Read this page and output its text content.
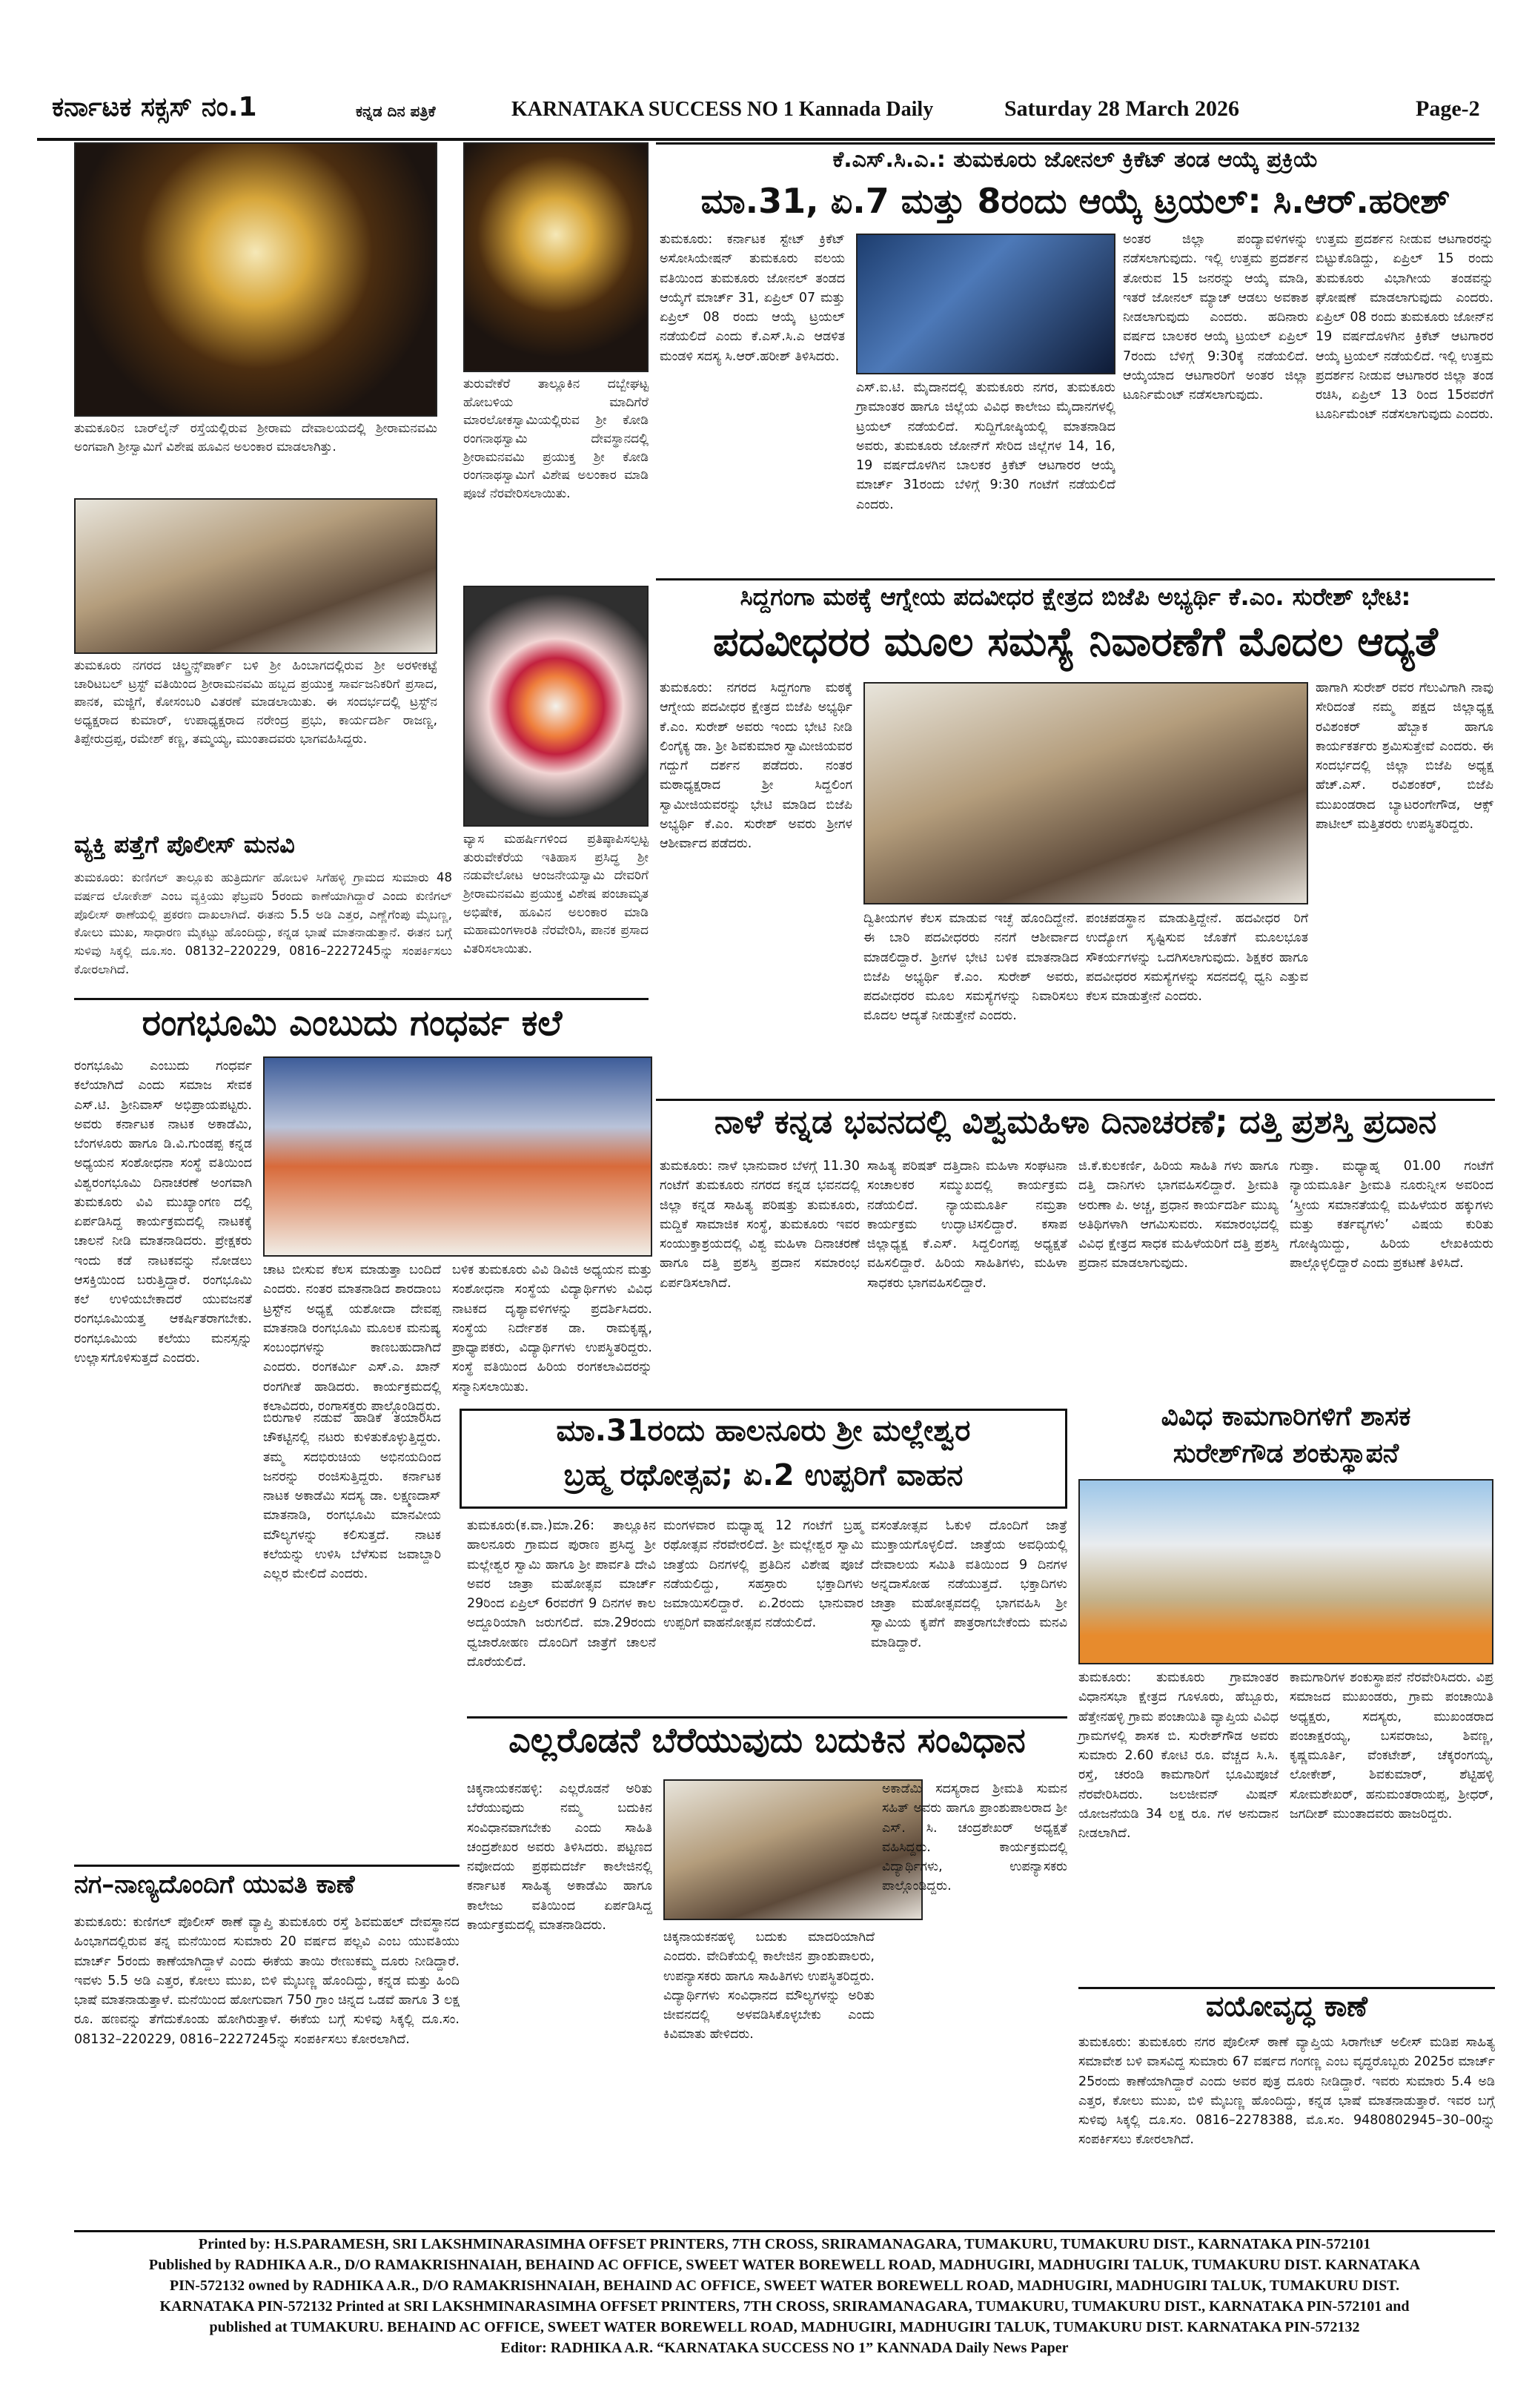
ಕರ್ನಾಟಕ ಸಕ್ಸಸ್ ನಂ.1	ಕನ್ನಡ ದಿನ ಪತ್ರಿಕೆ	KARNATAKA SUCCESS NO 1 Kannada Daily	Saturday 28 March 2026	Page-2
ತುಮಕೂರಿನ ಬಾರ್‌ಲೈನ್ ರಸ್ತೆಯಲ್ಲಿರುವ ಶ್ರೀರಾಮ ದೇವಾಲಯದಲ್ಲಿ ಶ್ರೀರಾಮನವಮಿ ಅಂಗವಾಗಿ ಶ್ರೀಸ್ವಾಮಿಗೆ ವಿಶೇಷ ಹೂವಿನ ಅಲಂಕಾರ ಮಾಡಲಾಗಿತ್ತು.
ತುಮಕೂರು ನಗರದ ಚಿಲ್ಡ್ರನ್ಸ್‌ಪಾರ್ಕ್ ಬಳಿ ಶ್ರೀ ಹಿಂಬಾಗದಲ್ಲಿರುವ ಶ್ರೀ ಅರಳೀಕಟ್ಟೆ ಚಾರಿಟಬಲ್ ಟ್ರಸ್ಟ್ ವತಿಯಿಂದ ಶ್ರೀರಾಮನವಮಿ ಹಬ್ಬದ ಪ್ರಯುಕ್ತ ಸಾರ್ವಜನಿಕರಿಗೆ ಪ್ರಸಾದ, ಪಾನಕ, ಮಜ್ಜಿಗೆ, ಕೋಸಂಬರಿ ವಿತರಣೆ ಮಾಡಲಾಯಿತು. ಈ ಸಂದರ್ಭದಲ್ಲಿ ಟ್ರಸ್ಟ್‌ನ ಅಧ್ಯಕ್ಷರಾದ ಕುಮಾರ್, ಉಪಾಧ್ಯಕ್ಷರಾದ ನರೇಂದ್ರ ಪ್ರಭು, ಕಾರ್ಯದರ್ಶಿ ರಾಜಣ್ಣ, ತಿಪ್ಪೇರುದ್ರಪ್ಪ, ರಮೇಶ್ ಕಣ್ಣ, ತಮ್ಮಯ್ಯ, ಮುಂತಾದವರು ಭಾಗವಹಿಸಿದ್ದರು.
ತುರುವೇಕೆರೆ ತಾಲ್ಲೂಕಿನ ದಬ್ಬೇಘಟ್ಟ ಹೋಬಳಿಯ ಮಾದಿಗೆರೆ ಮಾರಲೋಕಸ್ವಾಮಿಯಲ್ಲಿರುವ ಶ್ರೀ ಕೋಡಿ ರಂಗನಾಥಸ್ವಾಮಿ ದೇವಸ್ಥಾನದಲ್ಲಿ ಶ್ರೀರಾಮನವಮಿ ಪ್ರಯುಕ್ತ ಶ್ರೀ ಕೋಡಿ ರಂಗನಾಥಸ್ವಾಮಿಗೆ ವಿಶೇಷ ಅಲಂಕಾರ ಮಾಡಿ ಪೂಜೆ ನೆರವೇರಿಸಲಾಯಿತು.
ವ್ಯಾಸ ಮಹರ್ಷಿಗಳಿಂದ ಪ್ರತಿಷ್ಠಾಪಿಸಲ್ಪಟ್ಟ ತುರುವೇಕೆರೆಯ ಇತಿಹಾಸ ಪ್ರಸಿದ್ಧ ಶ್ರೀ ನಡುವೇಲೋಟ ಆಂಜನೇಯಸ್ವಾಮಿ ದೇವರಿಗೆ ಶ್ರೀರಾಮನವಮಿ ಪ್ರಯುಕ್ತ ವಿಶೇಷ ಪಂಚಾಮೃತ ಅಭಿಷೇಕ, ಹೂವಿನ ಅಲಂಕಾರ ಮಾಡಿ ಮಹಾಮಂಗಳಾರತಿ ನೆರವೇರಿಸಿ, ಪಾನಕ ಪ್ರಸಾದ ವಿತರಿಸಲಾಯಿತು.
ವ್ಯಕ್ತಿ ಪತ್ತೆಗೆ ಪೊಲೀಸ್ ಮನವಿ
ತುಮಕೂರು: ಕುಣಿಗಲ್ ತಾಲ್ಲೂಕು ಹುತ್ರಿದುರ್ಗ ಹೋಬಳಿ ಸಿಗೆಹಳ್ಳಿ ಗ್ರಾಮದ ಸುಮಾರು 48 ವರ್ಷದ ಲೋಕೇಶ್ ಎಂಬ ವ್ಯಕ್ತಿಯು ಫೆಬ್ರವರಿ 5ರಂದು ಕಾಣೆಯಾಗಿದ್ದಾರೆ ಎಂದು ಕುಣಿಗಲ್ ಪೊಲೀಸ್ ಠಾಣೆಯಲ್ಲಿ ಪ್ರಕರಣ ದಾಖಲಾಗಿದೆ. ಈತನು 5.5 ಅಡಿ ಎತ್ತರ, ಎಣ್ಣೆಗೆಂಪು ಮೈಬಣ್ಣ, ಕೋಲು ಮುಖ, ಸಾಧಾರಣ ಮೈಕಟ್ಟು ಹೊಂದಿದ್ದು, ಕನ್ನಡ ಭಾಷೆ ಮಾತನಾಡುತ್ತಾನೆ. ಈತನ ಬಗ್ಗೆ ಸುಳಿವು ಸಿಕ್ಕಲ್ಲಿ ದೂ.ಸಂ. 08132–220229, 0816–2227245ನ್ನು ಸಂಪರ್ಕಿಸಲು ಕೋರಲಾಗಿದೆ.
ರಂಗಭೂಮಿ ಎಂಬುದು ಗಂಧರ್ವ ಕಲೆ
ರಂಗಭೂಮಿ ಎಂಬುದು ಗಂಧರ್ವ ಕಲೆಯಾಗಿದೆ ಎಂದು ಸಮಾಜ ಸೇವಕ ಎಸ್.ಟಿ. ಶ್ರೀನಿವಾಸ್ ಅಭಿಪ್ರಾಯಪಟ್ಟರು. ಅವರು ಕರ್ನಾಟಕ ನಾಟಕ ಅಕಾಡೆಮಿ, ಬೆಂಗಳೂರು ಹಾಗೂ ಡಿ.ವಿ.ಗುಂಡಪ್ಪ ಕನ್ನಡ ಅಧ್ಯಯನ ಸಂಶೋಧನಾ ಸಂಸ್ಥೆ ವತಿಯಿಂದ ವಿಶ್ವರಂಗಭೂಮಿ ದಿನಾಚರಣೆ ಅಂಗವಾಗಿ ತುಮಕೂರು ವಿವಿ ಮುಖ್ಯಾಂಗಣ ದಲ್ಲಿ ಏರ್ಪಡಿಸಿದ್ದ ಕಾರ್ಯಕ್ರಮದಲ್ಲಿ ನಾಟಕಕ್ಕೆ ಚಾಲನೆ ನೀಡಿ ಮಾತನಾಡಿದರು. ಪ್ರೇಕ್ಷಕರು ಇಂದು ಕಡೆ ನಾಟಕವನ್ನು ನೋಡಲು ಆಸಕ್ತಿಯಿಂದ ಬರುತ್ತಿದ್ದಾರೆ. ರಂಗಭೂಮಿ ಕಲೆ ಉಳಿಯಬೇಕಾದರೆ ಯುವಜನತೆ ರಂಗಭೂಮಿಯತ್ತ ಆಕರ್ಷಿತರಾಗಬೇಕು. ರಂಗಭೂಮಿಯ ಕಲೆಯು ಮನಸ್ಸನ್ನು ಉಲ್ಲಾಸಗೊಳಿಸುತ್ತದೆ ಎಂದರು.
ಬಿರುಗಾಳಿ ನಡುವೆ ಹಾಡಿಕೆ ತಯಾರಿಸಿದ ಚೌಕಟ್ಟಿನಲ್ಲಿ ನಟರು ಕುಳಿತುಕೊಳ್ಳುತ್ತಿದ್ದರು. ತಮ್ಮ ಸದಭಿರುಚಿಯ ಅಭಿನಯದಿಂದ ಜನರನ್ನು ರಂಜಿಸುತ್ತಿದ್ದರು. ಕರ್ನಾಟಕ ನಾಟಕ ಅಕಾಡೆಮಿ ಸದಸ್ಯ ಡಾ. ಲಕ್ಷ್ಮಣದಾಸ್ ಮಾತನಾಡಿ, ರಂಗಭೂಮಿ ಮಾನವೀಯ ಮೌಲ್ಯಗಳನ್ನು ಕಲಿಸುತ್ತದೆ. ನಾಟಕ ಕಲೆಯನ್ನು ಉಳಿಸಿ ಬೆಳೆಸುವ ಜವಾಬ್ದಾರಿ ಎಲ್ಲರ ಮೇಲಿದೆ ಎಂದರು.
ಚಾಟ ಬೀಸುವ ಕೆಲಸ ಮಾಡುತ್ತಾ ಬಂದಿದೆ ಎಂದರು. ನಂತರ ಮಾತನಾಡಿದ ಶಾರದಾಂಬ ಟ್ರಸ್ಟ್‌ನ ಅಧ್ಯಕ್ಷೆ ಯಶೋದಾ ದೇವಪ್ಪ ಮಾತನಾಡಿ ರಂಗಭೂಮಿ ಮೂಲಕ ಮನುಷ್ಯ ಸಂಬಂಧಗಳನ್ನು ಕಾಣಬಹುದಾಗಿದೆ ಎಂದರು. ರಂಗಕರ್ಮಿ ಎಸ್.ಎ. ಖಾನ್ ರಂಗಗೀತೆ ಹಾಡಿದರು. ಕಾರ್ಯಕ್ರಮದಲ್ಲಿ ಕಲಾವಿದರು, ರಂಗಾಸಕ್ತರು ಪಾಲ್ಗೊಂಡಿದ್ದರು.
ಬಳಿಕ ತುಮಕೂರು ವಿವಿ ಡಿವಿಜಿ ಅಧ್ಯಯನ ಮತ್ತು ಸಂಶೋಧನಾ ಸಂಸ್ಥೆಯ ವಿದ್ಯಾರ್ಥಿಗಳು ವಿವಿಧ ನಾಟಕದ ದೃಶ್ಯಾವಳಿಗಳನ್ನು ಪ್ರದರ್ಶಿಸಿದರು. ಸಂಸ್ಥೆಯ ನಿರ್ದೇಶಕ ಡಾ. ರಾಮಕೃಷ್ಣ, ಪ್ರಾಧ್ಯಾಪಕರು, ವಿದ್ಯಾರ್ಥಿಗಳು ಉಪಸ್ಥಿತರಿದ್ದರು. ಸಂಸ್ಥೆ ವತಿಯಿಂದ ಹಿರಿಯ ರಂಗಕಲಾವಿದರನ್ನು ಸನ್ಮಾನಿಸಲಾಯಿತು.
ನಗ–ನಾಣ್ಯದೊಂದಿಗೆ ಯುವತಿ ಕಾಣೆ
ತುಮಕೂರು: ಕುಣಿಗಲ್ ಪೊಲೀಸ್ ಠಾಣೆ ವ್ಯಾಪ್ತಿ ತುಮಕೂರು ರಸ್ತೆ ಶಿವಮಹಲ್ ದೇವಸ್ಥಾನದ ಹಿಂಭಾಗದಲ್ಲಿರುವ ತನ್ನ ಮನೆಯಿಂದ ಸುಮಾರು 20 ವರ್ಷದ ಪಲ್ಲವಿ ಎಂಬ ಯುವತಿಯು ಮಾರ್ಚ್ 5ರಂದು ಕಾಣೆಯಾಗಿದ್ದಾಳೆ ಎಂದು ಈಕೆಯ ತಾಯಿ ರೇಣುಕಮ್ಮ ದೂರು ನೀಡಿದ್ದಾರೆ. ಇವಳು 5.5 ಅಡಿ ಎತ್ತರ, ಕೋಲು ಮುಖ, ಬಿಳಿ ಮೈಬಣ್ಣ ಹೊಂದಿದ್ದು, ಕನ್ನಡ ಮತ್ತು ಹಿಂದಿ ಭಾಷೆ ಮಾತನಾಡುತ್ತಾಳೆ. ಮನೆಯಿಂದ ಹೋಗುವಾಗ 750 ಗ್ರಾಂ ಚಿನ್ನದ ಒಡವೆ ಹಾಗೂ 3 ಲಕ್ಷ ರೂ. ಹಣವನ್ನು ತೆಗೆದುಕೊಂಡು ಹೋಗಿರುತ್ತಾಳೆ. ಈಕೆಯ ಬಗ್ಗೆ ಸುಳಿವು ಸಿಕ್ಕಲ್ಲಿ ದೂ.ಸಂ. 08132–220229, 0816–2227245ನ್ನು ಸಂಪರ್ಕಿಸಲು ಕೋರಲಾಗಿದೆ.
ಕೆ.ಎಸ್.ಸಿ.ಎ.: ತುಮಕೂರು ಜೋನಲ್ ಕ್ರಿಕೆಟ್ ತಂಡ ಆಯ್ಕೆ ಪ್ರಕ್ರಿಯೆ
ಮಾ.31, ಏ.7 ಮತ್ತು 8ರಂದು ಆಯ್ಕೆ ಟ್ರಯಲ್: ಸಿ.ಆರ್.ಹರೀಶ್
ತುಮಕೂರು: ಕರ್ನಾಟಕ ಸ್ಟೇಟ್ ಕ್ರಿಕೆಟ್ ಅಸೋಸಿಯೇಷನ್ ತುಮಕೂರು ವಲಯ ವತಿಯಿಂದ ತುಮಕೂರು ಜೋನಲ್ ತಂಡದ ಆಯ್ಕೆಗೆ ಮಾರ್ಚ್ 31, ಏಪ್ರಿಲ್ 07 ಮತ್ತು ಏಪ್ರಿಲ್ 08 ರಂದು ಆಯ್ಕೆ ಟ್ರಯಲ್ ನಡೆಯಲಿದೆ ಎಂದು ಕೆ.ಎಸ್.ಸಿ.ಎ ಆಡಳಿತ ಮಂಡಳಿ ಸದಸ್ಯ ಸಿ.ಆರ್.ಹರೀಶ್ ತಿಳಿಸಿದರು.
ಎಸ್.ಐ.ಟಿ. ಮೈದಾನದಲ್ಲಿ ತುಮಕೂರು ನಗರ, ತುಮಕೂರು ಗ್ರಾಮಾಂತರ ಹಾಗೂ ಜಿಲ್ಲೆಯ ವಿವಿಧ ಕಾಲೇಜು ಮೈದಾನಗಳಲ್ಲಿ ಟ್ರಯಲ್ ನಡೆಯಲಿದೆ. ಸುದ್ದಿಗೋಷ್ಠಿಯಲ್ಲಿ ಮಾತನಾಡಿದ ಅವರು, ತುಮಕೂರು ಜೋನ್‌ಗೆ ಸೇರಿದ ಜಿಲ್ಲೆಗಳ 14, 16, 19 ವರ್ಷದೊಳಗಿನ ಬಾಲಕರ ಕ್ರಿಕೆಟ್ ಆಟಗಾರರ ಆಯ್ಕೆ ಮಾರ್ಚ್ 31ರಂದು ಬೆಳಿಗ್ಗೆ 9:30 ಗಂಟೆಗೆ ನಡೆಯಲಿದೆ ಎಂದರು.
ಅಂತರ ಜಿಲ್ಲಾ ಪಂದ್ಯಾವಳಿಗಳನ್ನು ನಡೆಸಲಾಗುವುದು. ಇಲ್ಲಿ ಉತ್ತಮ ಪ್ರದರ್ಶನ ತೋರುವ 15 ಜನರನ್ನು ಆಯ್ಕೆ ಮಾಡಿ, ಇತರೆ ಜೋನಲ್ ಮ್ಯಾಚ್ ಆಡಲು ಅವಕಾಶ ನೀಡಲಾಗುವುದು ಎಂದರು. ಹದಿನಾರು ವರ್ಷದ ಬಾಲಕರ ಆಯ್ಕೆ ಟ್ರಯಲ್ ಏಪ್ರಿಲ್ 7ರಂದು ಬೆಳಿಗ್ಗೆ 9:30ಕ್ಕೆ ನಡೆಯಲಿದೆ. ಆಯ್ಕೆಯಾದ ಆಟಗಾರರಿಗೆ ಅಂತರ ಜಿಲ್ಲಾ ಟೂರ್ನಿಮೆಂಟ್ ನಡೆಸಲಾಗುವುದು.
ಉತ್ತಮ ಪ್ರದರ್ಶನ ನೀಡುವ ಆಟಗಾರರನ್ನು ಬಿಟ್ಟುಕೊಡಿದ್ದು, ಏಪ್ರಿಲ್ 15 ರಂದು ತುಮಕೂರು ವಿಭಾಗೀಯ ತಂಡವನ್ನು ಘೋಷಣೆ ಮಾಡಲಾಗುವುದು ಎಂದರು. ಏಪ್ರಿಲ್ 08 ರಂದು ತುಮಕೂರು ಜೋನ್‌ನ 19 ವರ್ಷದೊಳಗಿನ ಕ್ರಿಕೆಟ್ ಆಟಗಾರರ ಆಯ್ಕೆ ಟ್ರಯಲ್ ನಡೆಯಲಿದೆ. ಇಲ್ಲಿ ಉತ್ತಮ ಪ್ರದರ್ಶನ ನೀಡುವ ಆಟಗಾರರ ಜಿಲ್ಲಾ ತಂಡ ರಚಿಸಿ, ಏಪ್ರಿಲ್ 13 ರಿಂದ 15ರವರೆಗೆ ಟೂರ್ನಿಮೆಂಟ್ ನಡೆಸಲಾಗುವುದು ಎಂದರು.
ಸಿದ್ದಗಂಗಾ ಮಠಕ್ಕೆ ಆಗ್ನೇಯ ಪದವೀಧರ ಕ್ಷೇತ್ರದ ಬಿಜೆಪಿ ಅಭ್ಯರ್ಥಿ ಕೆ.ಎಂ. ಸುರೇಶ್ ಭೇಟಿ:
ಪದವೀಧರರ ಮೂಲ ಸಮಸ್ಯೆ ನಿವಾರಣೆಗೆ ಮೊದಲ ಆದ್ಯತೆ
ತುಮಕೂರು: ನಗರದ ಸಿದ್ದಗಂಗಾ ಮಠಕ್ಕೆ ಆಗ್ನೇಯ ಪದವೀಧರ ಕ್ಷೇತ್ರದ ಬಿಜೆಪಿ ಅಭ್ಯರ್ಥಿ ಕೆ.ಎಂ. ಸುರೇಶ್ ಅವರು ಇಂದು ಭೇಟಿ ನೀಡಿ ಲಿಂಗೈಕ್ಯ ಡಾ. ಶ್ರೀ ಶಿವಕುಮಾರ ಸ್ವಾಮೀಜಿಯವರ ಗದ್ದುಗೆ ದರ್ಶನ ಪಡೆದರು. ನಂತರ ಮಠಾಧ್ಯಕ್ಷರಾದ ಶ್ರೀ ಸಿದ್ದಲಿಂಗ ಸ್ವಾಮೀಜಿಯವರನ್ನು ಭೇಟಿ ಮಾಡಿದ ಬಿಜೆಪಿ ಅಭ್ಯರ್ಥಿ ಕೆ.ಎಂ. ಸುರೇಶ್ ಅವರು ಶ್ರೀಗಳ ಆಶೀರ್ವಾದ ಪಡೆದರು.
ದ್ವಿತೀಯಗಳ ಕೆಲಸ ಮಾಡುವ ಇಚ್ಛೆ ಹೊಂದಿದ್ದೇನೆ. ಈ ಬಾರಿ ಪದವೀಧರರು ನನಗೆ ಆಶೀರ್ವಾದ ಮಾಡಲಿದ್ದಾರೆ. ಶ್ರೀಗಳ ಭೇಟಿ ಬಳಿಕ ಮಾತನಾಡಿದ ಬಿಜೆಪಿ ಅಭ್ಯರ್ಥಿ ಕೆ.ಎಂ. ಸುರೇಶ್ ಅವರು, ಪದವೀಧರರ ಮೂಲ ಸಮಸ್ಯೆಗಳನ್ನು ನಿವಾರಿಸಲು ಮೊದಲ ಆದ್ಯತೆ ನೀಡುತ್ತೇನೆ ಎಂದರು.
ಪಂಚಪಡಸ್ಥಾನ ಮಾಡುತ್ತಿದ್ದೇನೆ. ಹದವೀಧರ ರಿಗೆ ಉದ್ಯೋಗ ಸೃಷ್ಟಿಸುವ ಜೊತೆಗೆ ಮೂಲಭೂತ ಸೌಕರ್ಯಗಳನ್ನು ಒದಗಿಸಲಾಗುವುದು. ಶಿಕ್ಷಕರ ಹಾಗೂ ಪದವೀಧರರ ಸಮಸ್ಯೆಗಳನ್ನು ಸದನದಲ್ಲಿ ಧ್ವನಿ ಎತ್ತುವ ಕೆಲಸ ಮಾಡುತ್ತೇನೆ ಎಂದರು.
ಹಾಗಾಗಿ ಸುರೇಶ್ ರವರ ಗೆಲುವಿಗಾಗಿ ನಾವು ಸೇರಿದಂತೆ ನಮ್ಮ ಪಕ್ಷದ ಜಿಲ್ಲಾಧ್ಯಕ್ಷ ರವಿಶಂಕರ್ ಹೆಬ್ಬಾಕ ಹಾಗೂ ಕಾರ್ಯಕರ್ತರು ಶ್ರಮಿಸುತ್ತೇವೆ ಎಂದರು. ಈ ಸಂದರ್ಭದಲ್ಲಿ ಜಿಲ್ಲಾ ಬಿಜೆಪಿ ಅಧ್ಯಕ್ಷ ಹೆಚ್.ಎಸ್. ರವಿಶಂಕರ್, ಬಿಜೆಪಿ ಮುಖಂಡರಾದ ಬ್ಯಾಟರಂಗೇಗೌಡ, ಆಕ್ಸ್ ಪಾಟೀಲ್ ಮತ್ತಿತರರು ಉಪಸ್ಥಿತರಿದ್ದರು.
ನಾಳೆ ಕನ್ನಡ ಭವನದಲ್ಲಿ ವಿಶ್ವಮಹಿಳಾ ದಿನಾಚರಣೆ; ದತ್ತಿ ಪ್ರಶಸ್ತಿ ಪ್ರದಾನ
ತುಮಕೂರು: ನಾಳೆ ಭಾನುವಾರ ಬೆಳಗ್ಗೆ 11.30 ಗಂಟೆಗೆ ತುಮಕೂರು ನಗರದ ಕನ್ನಡ ಭವನದಲ್ಲಿ ಜಿಲ್ಲಾ ಕನ್ನಡ ಸಾಹಿತ್ಯ ಪರಿಷತ್ತು ತುಮಕೂರು, ಮದ್ದಿಕೆ ಸಾಮಾಜಿಕ ಸಂಸ್ಥೆ, ತುಮಕೂರು ಇವರ ಸಂಯುಕ್ತಾಶ್ರಯದಲ್ಲಿ ವಿಶ್ವ ಮಹಿಳಾ ದಿನಾಚರಣೆ ಹಾಗೂ ದತ್ತಿ ಪ್ರಶಸ್ತಿ ಪ್ರದಾನ ಸಮಾರಂಭ ಏರ್ಪಡಿಸಲಾಗಿದೆ.
ಸಾಹಿತ್ಯ ಪರಿಷತ್ ದತ್ತಿದಾನಿ ಮಹಿಳಾ ಸಂಘಟನಾ ಸಂಚಾಲಕರ ಸಮ್ಮುಖದಲ್ಲಿ ಕಾರ್ಯಕ್ರಮ ನಡೆಯಲಿದೆ. ನ್ಯಾಯಮೂರ್ತಿ ನಮ್ರತಾ ಕಾರ್ಯಕ್ರಮ ಉದ್ಘಾಟಿಸಲಿದ್ದಾರೆ. ಕಸಾಪ ಜಿಲ್ಲಾಧ್ಯಕ್ಷ ಕೆ.ಎಸ್. ಸಿದ್ದಲಿಂಗಪ್ಪ ಅಧ್ಯಕ್ಷತೆ ವಹಿಸಲಿದ್ದಾರೆ. ಹಿರಿಯ ಸಾಹಿತಿಗಳು, ಮಹಿಳಾ ಸಾಧಕರು ಭಾಗವಹಿಸಲಿದ್ದಾರೆ.
ಜಿ.ಕೆ.ಕುಲಕರ್ಣಿ, ಹಿರಿಯ ಸಾಹಿತಿ ಗಳು ಹಾಗೂ ದತ್ತಿ ದಾನಿಗಳು ಭಾಗವಹಿಸಲಿದ್ದಾರೆ. ಶ್ರೀಮತಿ ಅರುಣಾ ಪಿ. ಅಚ್ಚ, ಪ್ರಧಾನ ಕಾರ್ಯದರ್ಶಿ ಮುಖ್ಯ ಅತಿಥಿಗಳಾಗಿ ಆಗಮಿಸುವರು. ಸಮಾರಂಭದಲ್ಲಿ ವಿವಿಧ ಕ್ಷೇತ್ರದ ಸಾಧಕ ಮಹಿಳೆಯರಿಗೆ ದತ್ತಿ ಪ್ರಶಸ್ತಿ ಪ್ರದಾನ ಮಾಡಲಾಗುವುದು.
ಗುಪ್ತಾ. ಮಧ್ಯಾಹ್ನ 01.00 ಗಂಟೆಗೆ ನ್ಯಾಯಮೂರ್ತಿ ಶ್ರೀಮತಿ ನೂರುನ್ನೀಸ ಅವರಿಂದ ‘ಸ್ತ್ರೀಯ ಸಮಾನತೆಯಲ್ಲಿ ಮಹಿಳೆಯರ ಹಕ್ಕುಗಳು ಮತ್ತು ಕರ್ತವ್ಯಗಳು’ ವಿಷಯ ಕುರಿತು ಗೋಷ್ಠಿಯಿದ್ದು, ಹಿರಿಯ ಲೇಖಕಿಯರು ಪಾಲ್ಗೊಳ್ಳಲಿದ್ದಾರೆ ಎಂದು ಪ್ರಕಟಣೆ ತಿಳಿಸಿದೆ.
ವಿವಿಧ ಕಾಮಗಾರಿಗಳಿಗೆ ಶಾಸಕ
ಸುರೇಶ್‌ಗೌಡ ಶಂಕುಸ್ಥಾಪನೆ
ತುಮಕೂರು: ತುಮಕೂರು ಗ್ರಾಮಾಂತರ ವಿಧಾನಸಭಾ ಕ್ಷೇತ್ರದ ಗೂಳೂರು, ಹೆಬ್ಬೂರು, ಹೆತ್ತೇನಹಳ್ಳಿ ಗ್ರಾಮ ಪಂಚಾಯಿತಿ ವ್ಯಾಪ್ತಿಯ ವಿವಿಧ ಗ್ರಾಮಗಳಲ್ಲಿ ಶಾಸಕ ಬಿ. ಸುರೇಶ್‌ಗೌಡ ಅವರು ಸುಮಾರು 2.60 ಕೋಟಿ ರೂ. ವೆಚ್ಚದ ಸಿ.ಸಿ. ರಸ್ತೆ, ಚರಂಡಿ ಕಾಮಗಾರಿಗೆ ಭೂಮಿಪೂಜೆ ನೆರವೇರಿಸಿದರು. ಜಲಜೀವನ್ ಮಿಷನ್ ಯೋಜನೆಯಡಿ 34 ಲಕ್ಷ ರೂ. ಗಳ ಅನುದಾನ ನೀಡಲಾಗಿದೆ.
ಕಾಮಗಾರಿಗಳ ಶಂಕುಸ್ಥಾಪನೆ ನೆರವೇರಿಸಿದರು. ವಿಪ್ರ ಸಮಾಜದ ಮುಖಂಡರು, ಗ್ರಾಮ ಪಂಚಾಯಿತಿ ಅಧ್ಯಕ್ಷರು, ಸದಸ್ಯರು, ಮುಖಂಡರಾದ ಪಂಚಾಕ್ಷರಯ್ಯ, ಬಸವರಾಜು, ಶಿವಣ್ಣ, ಕೃಷ್ಣಮೂರ್ತಿ, ವೆಂಕಟೇಶ್, ಚೆಕ್ಕರಂಗಯ್ಯ, ಲೋಕೇಶ್, ಶಿವಕುಮಾರ್, ಶೆಟ್ಟಿಹಳ್ಳಿ ಸೋಮಶೇಖರ್, ಹನುಮಂತರಾಯಪ್ಪ, ಶ್ರೀಧರ್, ಜಗದೀಶ್ ಮುಂತಾದವರು ಹಾಜರಿದ್ದರು.
ವಯೋವೃದ್ಧ ಕಾಣೆ
ತುಮಕೂರು: ತುಮಕೂರು ನಗರ ಪೊಲೀಸ್ ಠಾಣೆ ವ್ಯಾಪ್ತಿಯ ಸಿರಾಗೇಟ್ ಅಲೀಸ್ ಮಡಿಪ ಸಾಹಿತ್ಯ ಸಮಾವೇಶ ಬಳಿ ವಾಸವಿದ್ದ ಸುಮಾರು 67 ವರ್ಷದ ಗಂಗಣ್ಣ ಎಂಬ ವೃದ್ಧರೊಬ್ಬರು 2025ರ ಮಾರ್ಚ್ 25ರಂದು ಕಾಣೆಯಾಗಿದ್ದಾರೆ ಎಂದು ಅವರ ಪುತ್ರ ದೂರು ನೀಡಿದ್ದಾರೆ. ಇವರು ಸುಮಾರು 5.4 ಅಡಿ ಎತ್ತರ, ಕೋಲು ಮುಖ, ಬಿಳಿ ಮೈಬಣ್ಣ ಹೊಂದಿದ್ದು, ಕನ್ನಡ ಭಾಷೆ ಮಾತನಾಡುತ್ತಾರೆ. ಇವರ ಬಗ್ಗೆ ಸುಳಿವು ಸಿಕ್ಕಲ್ಲಿ ದೂ.ಸಂ. 0816–2278388, ಮೊ.ಸಂ. 9480802945–30–00ನ್ನು ಸಂಪರ್ಕಿಸಲು ಕೋರಲಾಗಿದೆ.
ಮಾ.31ರಂದು ಹಾಲನೂರು ಶ್ರೀ ಮಲ್ಲೇಶ್ವರ
ಬ್ರಹ್ಮ ರಥೋತ್ಸವ; ಏ.2 ಉಪ್ಪರಿಗೆ ವಾಹನ
ತುಮಕೂರು(ಕ.ವಾ.)ಮಾ.26: ತಾಲ್ಲೂಕಿನ ಹಾಲನೂರು ಗ್ರಾಮದ ಪುರಾಣ ಪ್ರಸಿದ್ಧ ಶ್ರೀ ಮಲ್ಲೇಶ್ವರ ಸ್ವಾಮಿ ಹಾಗೂ ಶ್ರೀ ಪಾರ್ವತಿ ದೇವಿ ಅವರ ಜಾತ್ರಾ ಮಹೋತ್ಸವ ಮಾರ್ಚ್ 29ರಿಂದ ಏಪ್ರಿಲ್ 6ರವರೆಗೆ 9 ದಿನಗಳ ಕಾಲ ಅದ್ದೂರಿಯಾಗಿ ಜರುಗಲಿದೆ. ಮಾ.29ರಂದು ಧ್ವಜಾರೋಹಣ ದೊಂದಿಗೆ ಜಾತ್ರೆಗೆ ಚಾಲನೆ ದೊರೆಯಲಿದೆ.
ಮಂಗಳವಾರ ಮಧ್ಯಾಹ್ನ 12 ಗಂಟೆಗೆ ಬ್ರಹ್ಮ ರಥೋತ್ಸವ ನೆರವೇರಲಿದೆ. ಶ್ರೀ ಮಲ್ಲೇಶ್ವರ ಸ್ವಾಮಿ ಜಾತ್ರೆಯ ದಿನಗಳಲ್ಲಿ ಪ್ರತಿದಿನ ವಿಶೇಷ ಪೂಜೆ ನಡೆಯಲಿದ್ದು, ಸಹಸ್ರಾರು ಭಕ್ತಾದಿಗಳು ಜಮಾಯಿಸಲಿದ್ದಾರೆ. ಏ.2ರಂದು ಭಾನುವಾರ ಉಪ್ಪರಿಗೆ ವಾಹನೋತ್ಸವ ನಡೆಯಲಿದೆ.
ವಸಂತೋತ್ಸವ ಓಕುಳಿ ದೊಂದಿಗೆ ಜಾತ್ರೆ ಮುಕ್ತಾಯಗೊಳ್ಳಲಿದೆ. ಜಾತ್ರೆಯ ಅವಧಿಯಲ್ಲಿ ದೇವಾಲಯ ಸಮಿತಿ ವತಿಯಿಂದ 9 ದಿನಗಳ ಅನ್ನದಾಸೋಹ ನಡೆಯುತ್ತದೆ. ಭಕ್ತಾದಿಗಳು ಜಾತ್ರಾ ಮಹೋತ್ಸವದಲ್ಲಿ ಭಾಗವಹಿಸಿ ಶ್ರೀ ಸ್ವಾಮಿಯ ಕೃಪೆಗೆ ಪಾತ್ರರಾಗಬೇಕೆಂದು ಮನವಿ ಮಾಡಿದ್ದಾರೆ.
ಎಲ್ಲರೊಡನೆ ಬೆರೆಯುವುದು ಬದುಕಿನ ಸಂವಿಧಾನ
ಚಿಕ್ಕನಾಯಕನಹಳ್ಳಿ: ಎಲ್ಲರೊಡನೆ ಅರಿತು ಬೆರೆಯುವುದು ನಮ್ಮ ಬದುಕಿನ ಸಂವಿಧಾನವಾಗಬೇಕು ಎಂದು ಸಾಹಿತಿ ಚಂದ್ರಶೇಖರ ಅವರು ತಿಳಿಸಿದರು. ಪಟ್ಟಣದ ನವೋದಯ ಪ್ರಥಮದರ್ಜೆ ಕಾಲೇಜಿನಲ್ಲಿ ಕರ್ನಾಟಕ ಸಾಹಿತ್ಯ ಅಕಾಡೆಮಿ ಹಾಗೂ ಕಾಲೇಜು ವತಿಯಿಂದ ಏರ್ಪಡಿಸಿದ್ದ ಕಾರ್ಯಕ್ರಮದಲ್ಲಿ ಮಾತನಾಡಿದರು.
ಚಿಕ್ಕನಾಯಕನಹಳ್ಳಿ ಬದುಕು ಮಾದರಿಯಾಗಿದೆ ಎಂದರು. ವೇದಿಕೆಯಲ್ಲಿ ಕಾಲೇಜಿನ ಪ್ರಾಂಶುಪಾಲರು, ಉಪನ್ಯಾಸಕರು ಹಾಗೂ ಸಾಹಿತಿಗಳು ಉಪಸ್ಥಿತರಿದ್ದರು. ವಿದ್ಯಾರ್ಥಿಗಳು ಸಂವಿಧಾನದ ಮೌಲ್ಯಗಳನ್ನು ಅರಿತು ಜೀವನದಲ್ಲಿ ಅಳವಡಿಸಿಕೊಳ್ಳಬೇಕು ಎಂದು ಕಿವಿಮಾತು ಹೇಳಿದರು.
ಅಕಾಡೆಮಿ ಸದಸ್ಯರಾದ ಶ್ರೀಮತಿ ಸುಮನ ಸಹಿತ್ ಅವರು ಹಾಗೂ ಪ್ರಾಂಶುಪಾಲರಾದ ಶ್ರೀ ಎಸ್. ಸಿ. ಚಂದ್ರಶೇಖರ್ ಅಧ್ಯಕ್ಷತೆ ವಹಿಸಿದ್ದರು. ಕಾರ್ಯಕ್ರಮದಲ್ಲಿ ವಿದ್ಯಾರ್ಥಿಗಳು, ಉಪನ್ಯಾಸಕರು ಪಾಲ್ಗೊಂಡಿದ್ದರು.
Printed by: H.S.PARAMESH, SRI LAKSHMINARASIMHA OFFSET PRINTERS, 7TH CROSS, SRIRAMANAGARA, TUMAKURU, TUMAKURU DIST., KARNATAKA PIN-572101
Published by RADHIKA A.R., D/O RAMAKRISHNAIAH, BEHAIND AC OFFICE, SWEET WATER BOREWELL ROAD, MADHUGIRI, MADHUGIRI TALUK, TUMAKURU DIST. KARNATAKA
PIN-572132 owned by RADHIKA A.R., D/O RAMAKRISHNAIAH, BEHAIND AC OFFICE, SWEET WATER BOREWELL ROAD, MADHUGIRI, MADHUGIRI TALUK, TUMAKURU DIST.
KARNATAKA PIN-572132 Printed at SRI LAKSHMINARASIMHA OFFSET PRINTERS, 7TH CROSS, SRIRAMANAGARA, TUMAKURU, TUMAKURU DIST., KARNATAKA PIN-572101 and
published at TUMAKURU. BEHAIND AC OFFICE, SWEET WATER BOREWELL ROAD, MADHUGIRI, MADHUGIRI TALUK, TUMAKURU DIST. KARNATAKA PIN-572132
Editor: RADHIKA A.R. “KARNATAKA SUCCESS NO 1” KANNADA Daily News Paper
